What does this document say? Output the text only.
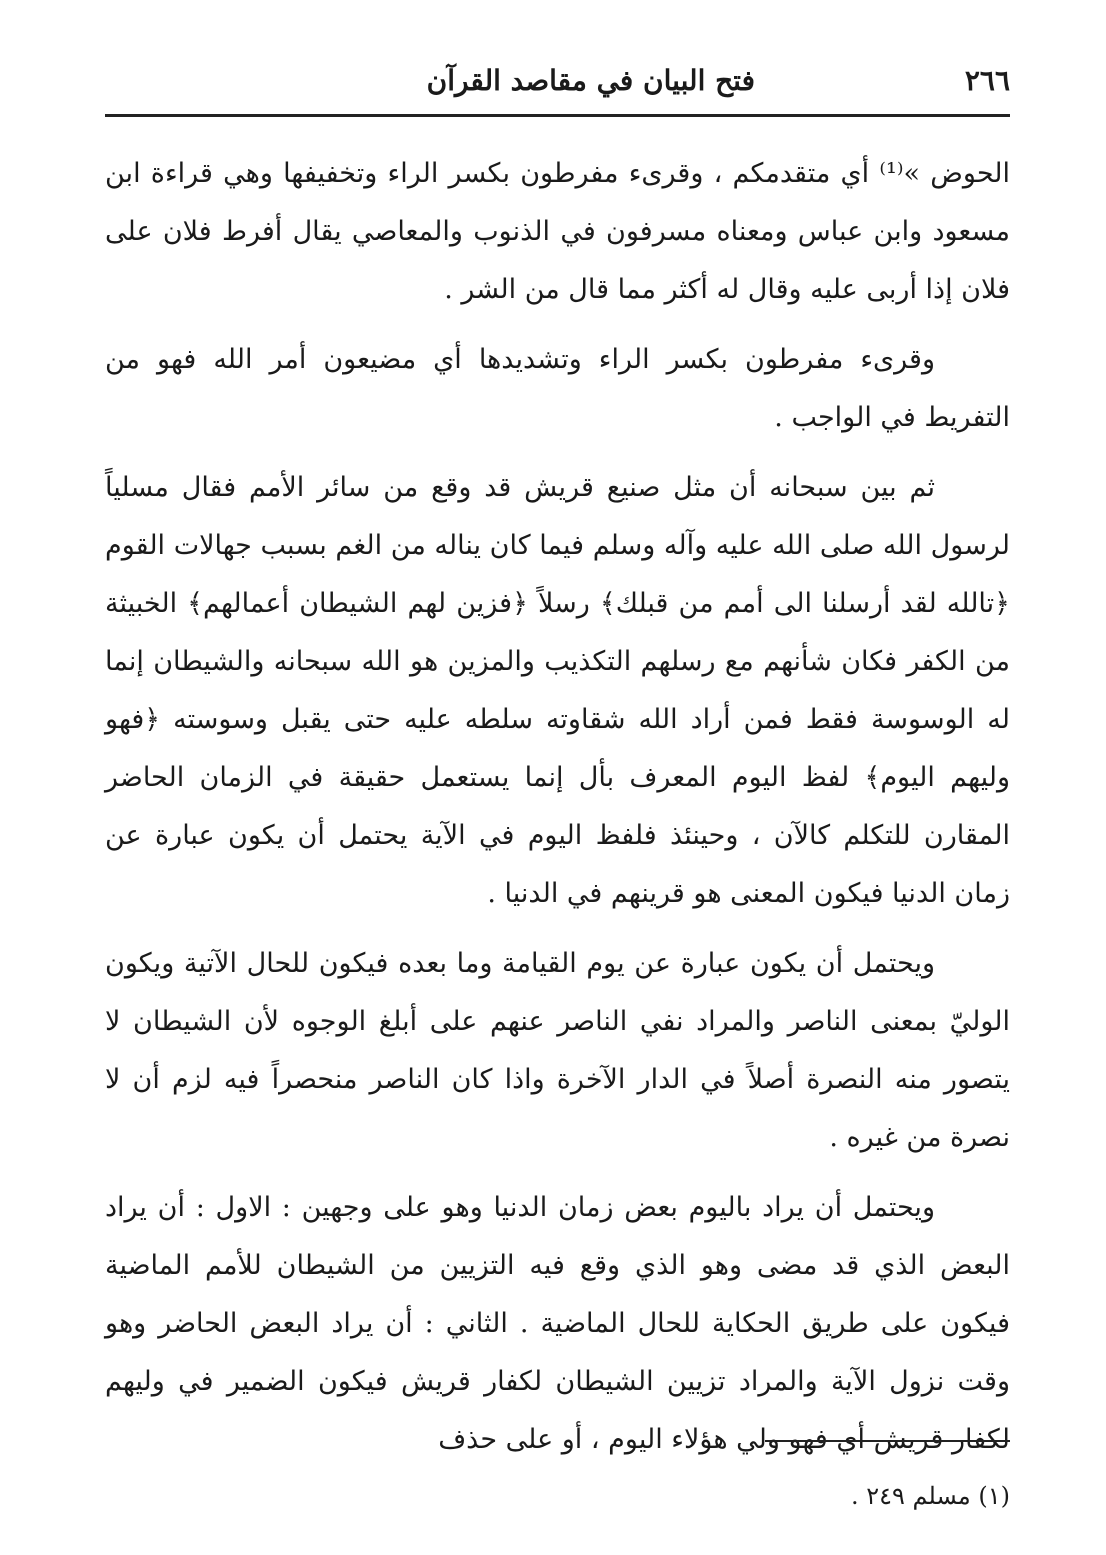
٢٦٦
فتح البيان في مقاصد القرآن

الحوض »⁽¹⁾ أي متقدمكم ، وقرىء مفرطون بكسر الراء وتخفيفها وهي قراءة ابن مسعود وابن عباس ومعناه مسرفون في الذنوب والمعاصي يقال أفرط فلان على فلان إذا أربى عليه وقال له أكثر مما قال من الشر .

وقرىء مفرطون بكسر الراء وتشديدها أي مضيعون أمر الله فهو من التفريط في الواجب .

ثم بين سبحانه أن مثل صنيع قريش قد وقع من سائر الأمم فقال مسلياً لرسول الله صلى الله عليه وآله وسلم فيما كان يناله من الغم بسبب جهالات القوم ﴿تالله لقد أرسلنا الى أمم من قبلك﴾ رسلاً ﴿فزين لهم الشيطان أعمالهم﴾ الخبيثة من الكفر فكان شأنهم مع رسلهم التكذيب والمزين هو الله سبحانه والشيطان إنما له الوسوسة فقط فمن أراد الله شقاوته سلطه عليه حتى يقبل وسوسته ﴿فهو وليهم اليوم﴾ لفظ اليوم المعرف بأل إنما يستعمل حقيقة في الزمان الحاضر المقارن للتكلم كالآن ، وحينئذ فلفظ اليوم في الآية يحتمل أن يكون عبارة عن زمان الدنيا فيكون المعنى هو قرينهم في الدنيا .

ويحتمل أن يكون عبارة عن يوم القيامة وما بعده فيكون للحال الآتية ويكون الوليّ بمعنى الناصر والمراد نفي الناصر عنهم على أبلغ الوجوه لأن الشيطان لا يتصور منه النصرة أصلاً في الدار الآخرة واذا كان الناصر منحصراً فيه لزم أن لا نصرة من غيره .

ويحتمل أن يراد باليوم بعض زمان الدنيا وهو على وجهين : الاول : أن يراد البعض الذي قد مضى وهو الذي وقع فيه التزيين من الشيطان للأمم الماضية فيكون على طريق الحكاية للحال الماضية . الثاني : أن يراد البعض الحاضر وهو وقت نزول الآية والمراد تزيين الشيطان لكفار قريش فيكون الضمير في وليهم لكفار قريش أي فهو ولي هؤلاء اليوم ، أو على حذف

(١) مسلم ٢٤٩ .
